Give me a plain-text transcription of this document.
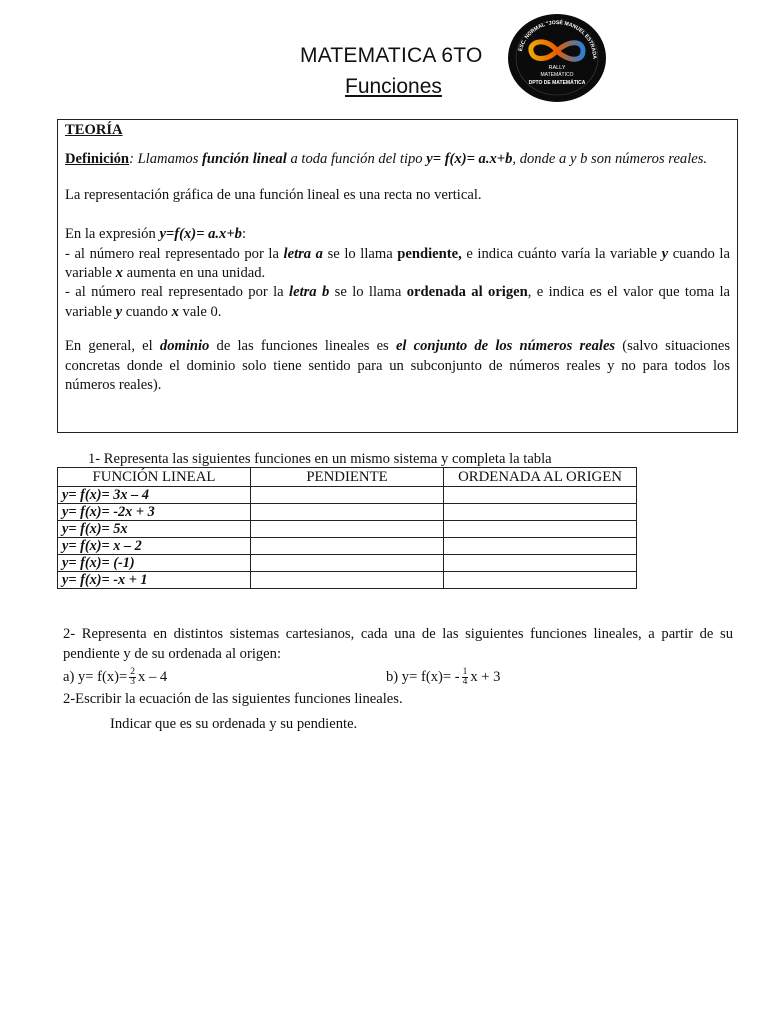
MATEMATICA 6TO
Funciones
ESC. NORMAL "JOSÉ MANUEL ESTRADA
RALLY
MATEMÁTICO
DPTO DE MATEMÁTICA

TEORÍA

Definición: Llamamos función lineal a toda función del tipo y= f(x)= a.x+b, donde a y b son números reales.

La representación gráfica de una función lineal es una recta no vertical.

En la expresión y=f(x)= a.x+b:
- al número real representado por la letra a se lo llama pendiente, e indica cuánto varía la variable y cuando la variable x aumenta en una unidad.
- al número real representado por la letra b se lo llama ordenada al origen, e indica es el valor que toma la variable y cuando x vale 0.

En general, el dominio de las funciones lineales es el conjunto de los números reales (salvo situaciones concretas donde el dominio solo tiene sentido para un subconjunto de números reales y no para todos los números reales).

1- Representa las siguientes funciones en un mismo sistema y completa la tabla
FUNCIÓN LINEAL	PENDIENTE	ORDENADA AL ORIGEN
y= f(x)= 3x – 4		
y= f(x)= -2x + 3		
y= f(x)= 5x		
y= f(x)= x – 2		
y= f(x)= (-1)		
y= f(x)= -x + 1		

2- Representa en distintos sistemas cartesianos, cada una de las siguientes funciones lineales, a partir de su pendiente y de su ordenada al origen:

a) $y= f(x)= \frac{2}{3}$ x – 4	b) $y= f(x)= - \frac{1}{4}$ x + 3

2-Escribir la ecuación de las siguientes funciones lineales.

Indicar que es su ordenada y su pendiente.
